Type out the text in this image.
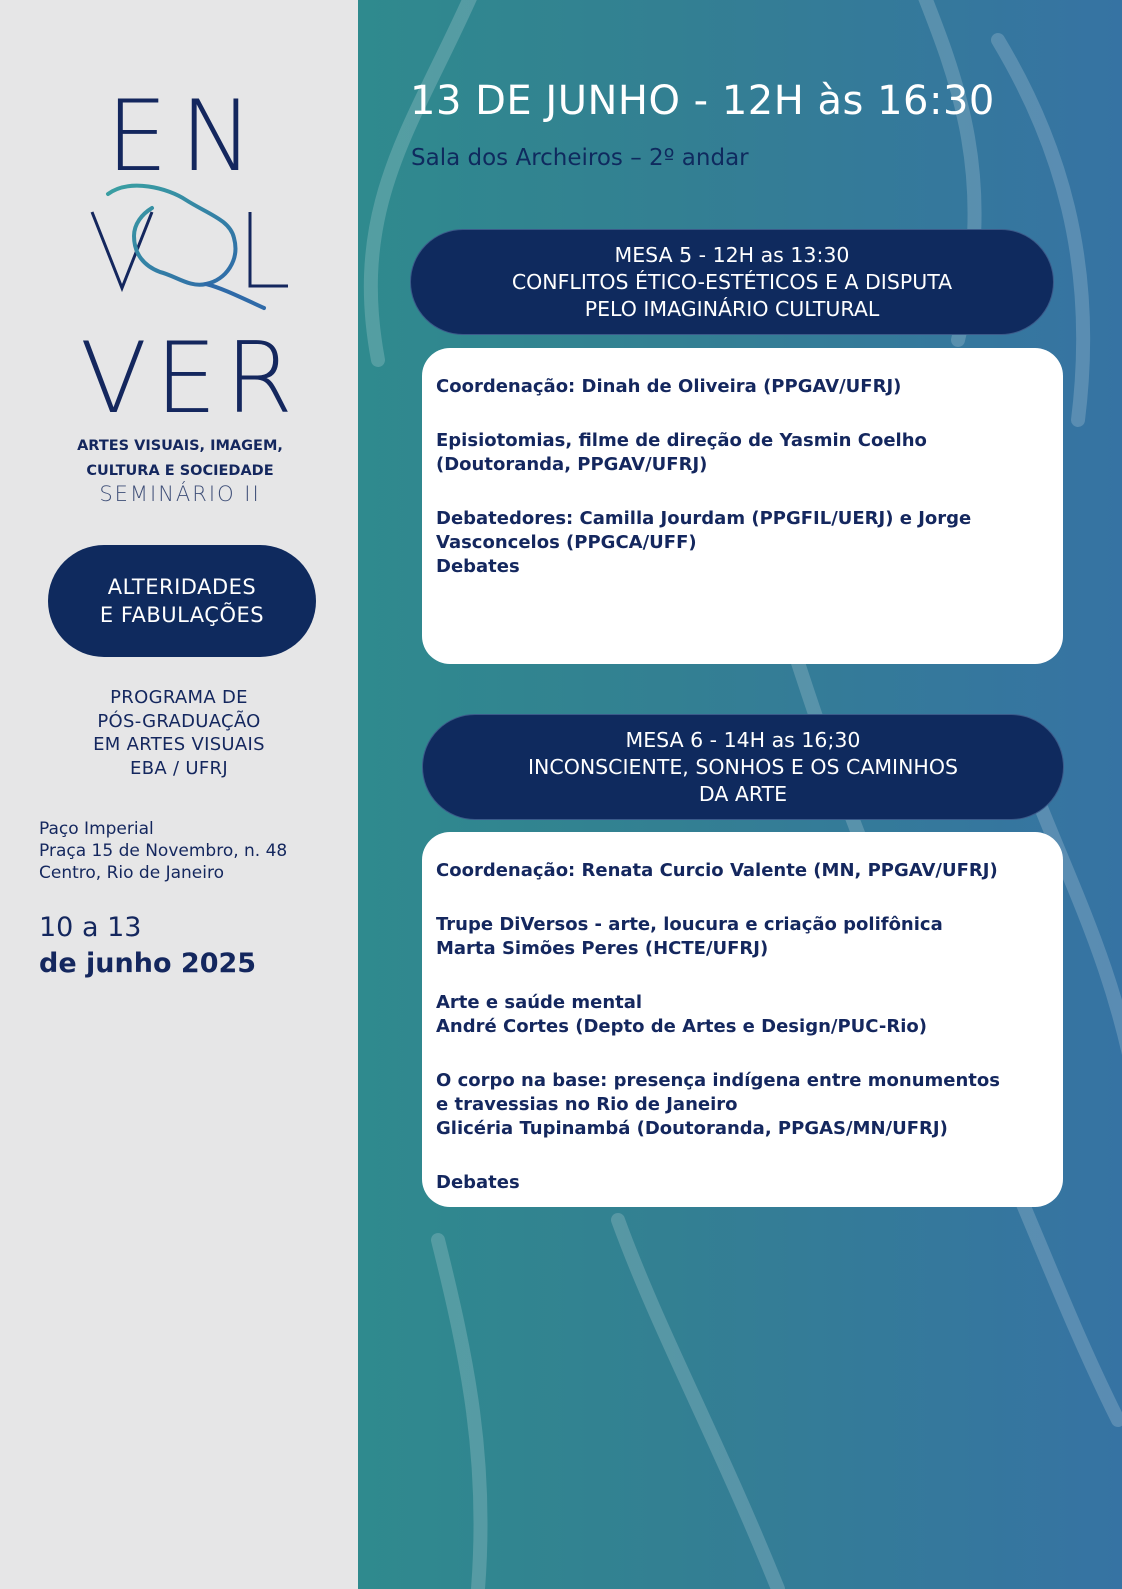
EN
VER
ARTES VISUAIS, IMAGEM,
CULTURA E SOCIEDADE
SEMINÁRIO II
ALTERIDADES
E FABULAÇÕES
PROGRAMA DE
PÓS-GRADUAÇÃO
EM ARTES VISUAIS
EBA / UFRJ
Paço Imperial
Praça 15 de Novembro, n. 48
Centro, Rio de Janeiro
10 a 13
de junho 2025
13 DE JUNHO - 12H às 16:30
Sala dos Archeiros – 2º andar
MESA 5 - 12H as 13:30
CONFLITOS ÉTICO-ESTÉTICOS E A DISPUTA
PELO IMAGINÁRIO CULTURAL

Coordenação: Dinah de Oliveira (PPGAV/UFRJ)

Episiotomias, filme de direção de Yasmin Coelho
(Doutoranda, PPGAV/UFRJ)

Debatedores: Camilla Jourdam (PPGFIL/UERJ) e Jorge
Vasconcelos (PPGCA/UFF)
Debates

MESA 6 - 14H as 16;30
INCONSCIENTE, SONHOS E OS CAMINHOS
DA ARTE

Coordenação: Renata Curcio Valente (MN, PPGAV/UFRJ)

Trupe DiVersos - arte, loucura e criação polifônica
Marta Simões Peres (HCTE/UFRJ)

Arte e saúde mental
André Cortes (Depto de Artes e Design/PUC-Rio)

O corpo na base: presença indígena entre monumentos
e travessias no Rio de Janeiro
Glicéria Tupinambá (Doutoranda, PPGAS/MN/UFRJ)

Debates
